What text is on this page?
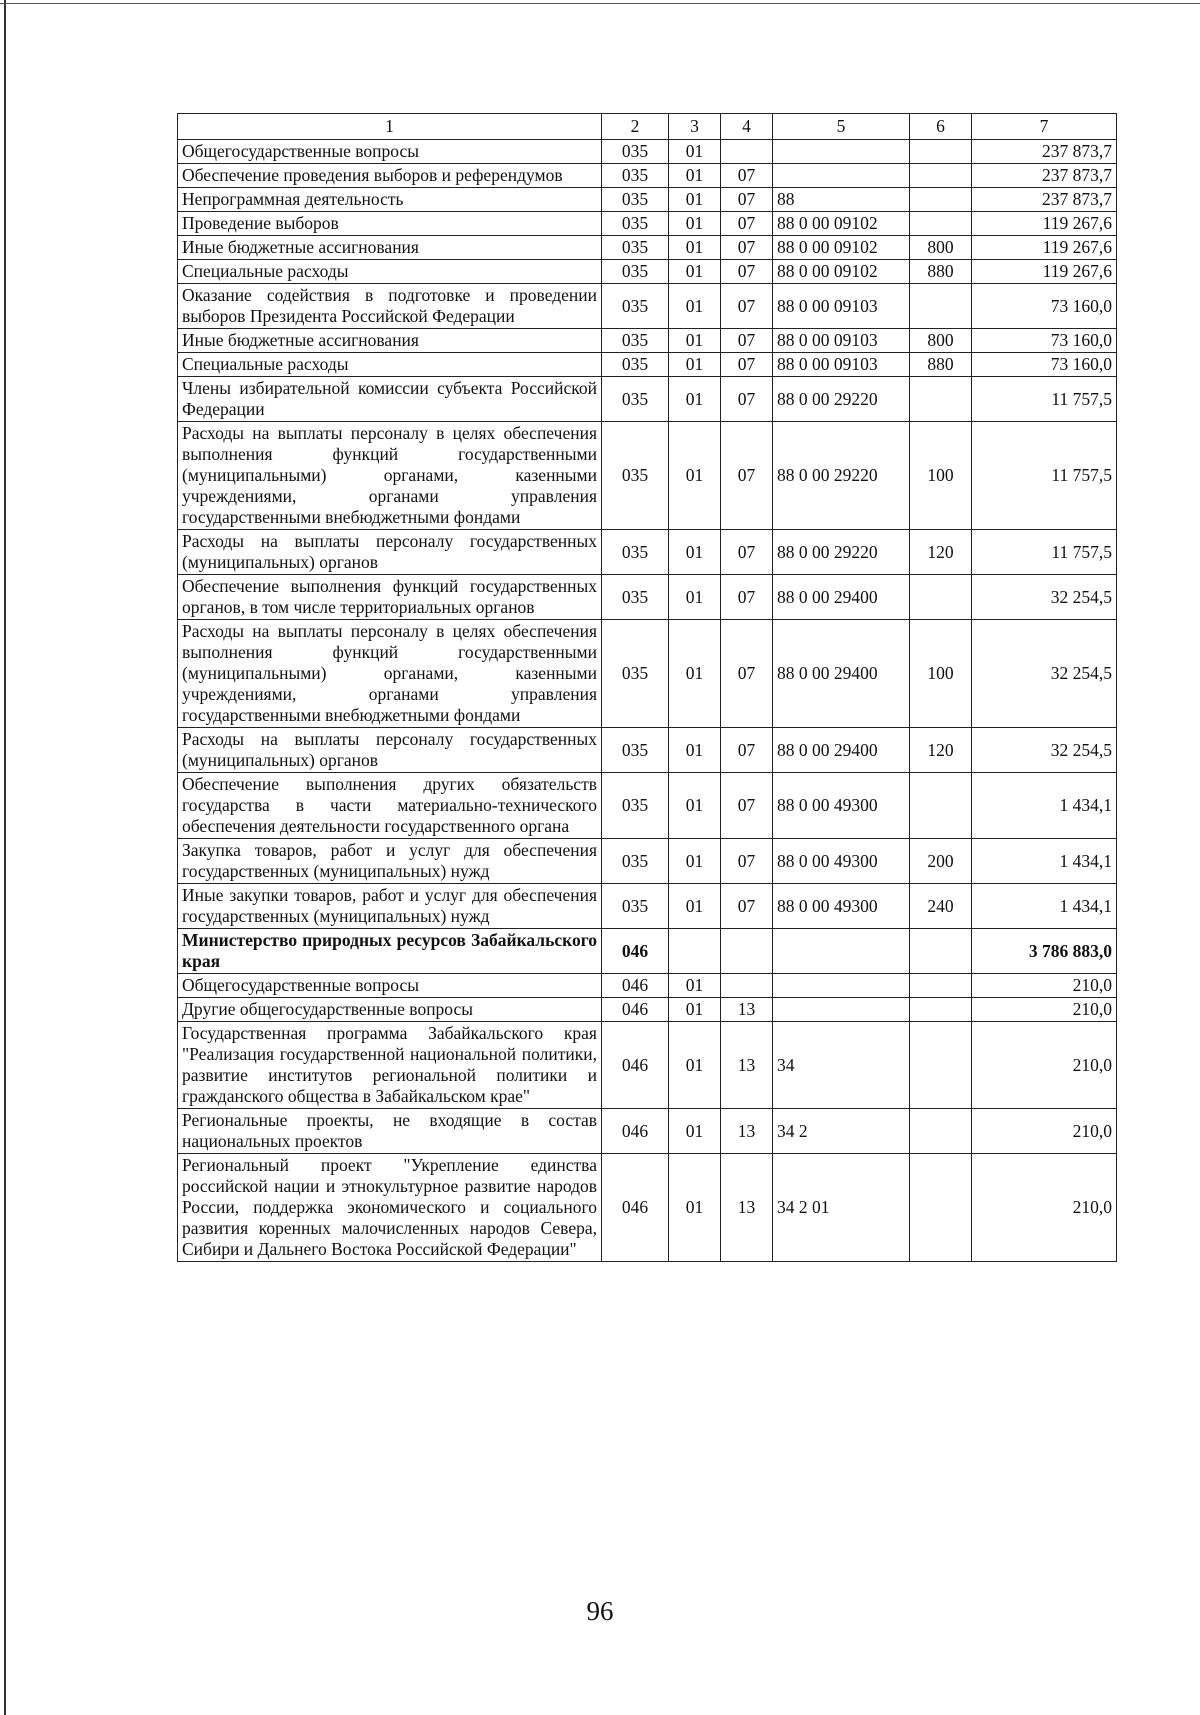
1	2	3	4	5	6	7
Общегосударственные вопросы	035	01				237 873,7
Обеспечение проведения выборов и референдумов	035	01	07			237 873,7
Непрограммная деятельность	035	01	07	88		237 873,7
Проведение выборов	035	01	07	88 0 00 09102		119 267,6
Иные бюджетные ассигнования	035	01	07	88 0 00 09102	800	119 267,6
Специальные расходы	035	01	07	88 0 00 09102	880	119 267,6
Оказание содействия в подготовке и проведении выборов Президента Российской Федерации	035	01	07	88 0 00 09103		73 160,0
Иные бюджетные ассигнования	035	01	07	88 0 00 09103	800	73 160,0
Специальные расходы	035	01	07	88 0 00 09103	880	73 160,0
Члены избирательной комиссии субъекта Российской Федерации	035	01	07	88 0 00 29220		11 757,5
Расходы на выплаты персоналу в целях обеспечения выполнения функций государственными (муниципальными) органами, казенными учреждениями, органами управления государственными внебюджетными фондами	035	01	07	88 0 00 29220	100	11 757,5
Расходы на выплаты персоналу государственных (муниципальных) органов	035	01	07	88 0 00 29220	120	11 757,5
Обеспечение выполнения функций государственных органов, в том числе территориальных органов	035	01	07	88 0 00 29400		32 254,5
Расходы на выплаты персоналу в целях обеспечения выполнения функций государственными (муниципальными) органами, казенными учреждениями, органами управления государственными внебюджетными фондами	035	01	07	88 0 00 29400	100	32 254,5
Расходы на выплаты персоналу государственных (муниципальных) органов	035	01	07	88 0 00 29400	120	32 254,5
Обеспечение выполнения других обязательств государства в части материально-технического обеспечения деятельности государственного органа	035	01	07	88 0 00 49300		1 434,1
Закупка товаров, работ и услуг для обеспечения государственных (муниципальных) нужд	035	01	07	88 0 00 49300	200	1 434,1
Иные закупки товаров, работ и услуг для обеспечения государственных (муниципальных) нужд	035	01	07	88 0 00 49300	240	1 434,1
Министерство природных ресурсов Забайкальского края	046					3 786 883,0
Общегосударственные вопросы	046	01				210,0
Другие общегосударственные вопросы	046	01	13			210,0
Государственная программа Забайкальского края "Реализация государственной национальной политики, развитие институтов региональной политики и гражданского общества в Забайкальском крае"	046	01	13	34		210,0
Региональные проекты, не входящие в состав национальных проектов	046	01	13	34 2		210,0
Региональный проект "Укрепление единства российской нации и этнокультурное развитие народов России, поддержка экономического и социального развития коренных малочисленных народов Севера, Сибири и Дальнего Востока Российской Федерации"	046	01	13	34 2 01		210,0
96
